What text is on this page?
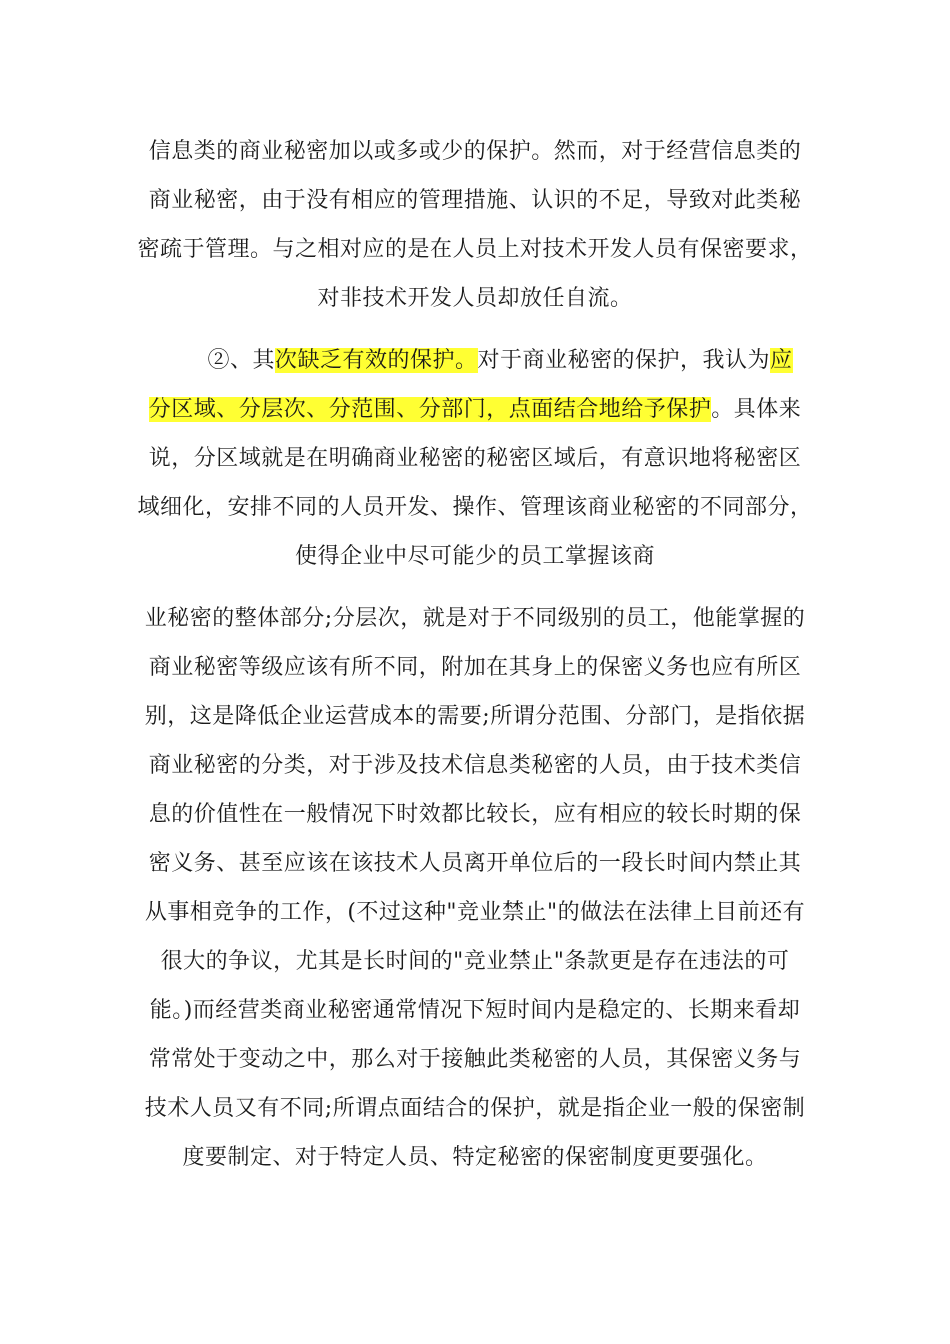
信息类的商业秘密加以或多或少的保护。然而，对于经营信息类的
商业秘密，由于没有相应的管理措施、认识的不足，导致对此类秘
密疏于管理。与之相对应的是在人员上对技术开发人员有保密要求，
对非技术开发人员却放任自流。
②、其次缺乏有效的保护。对于商业秘密的保护，我认为应
分区域、分层次、分范围、分部门，点面结合地给予保护。具体来
说，分区域就是在明确商业秘密的秘密区域后，有意识地将秘密区
域细化，安排不同的人员开发、操作、管理该商业秘密的不同部分，
使得企业中尽可能少的员工掌握该商
业秘密的整体部分;分层次，就是对于不同级别的员工，他能掌握的
商业秘密等级应该有所不同，附加在其身上的保密义务也应有所区
别，这是降低企业运营成本的需要;所谓分范围、分部门，是指依据
商业秘密的分类，对于涉及技术信息类秘密的人员，由于技术类信
息的价值性在一般情况下时效都比较长，应有相应的较长时期的保
密义务、甚至应该在该技术人员离开单位后的一段长时间内禁止其
从事相竞争的工作，(不过这种"竞业禁止"的做法在法律上目前还有
很大的争议，尤其是长时间的"竞业禁止"条款更是存在违法的可
能。)而经营类商业秘密通常情况下短时间内是稳定的、长期来看却
常常处于变动之中，那么对于接触此类秘密的人员，其保密义务与
技术人员又有不同;所谓点面结合的保护，就是指企业一般的保密制
度要制定、对于特定人员、特定秘密的保密制度更要强化。
